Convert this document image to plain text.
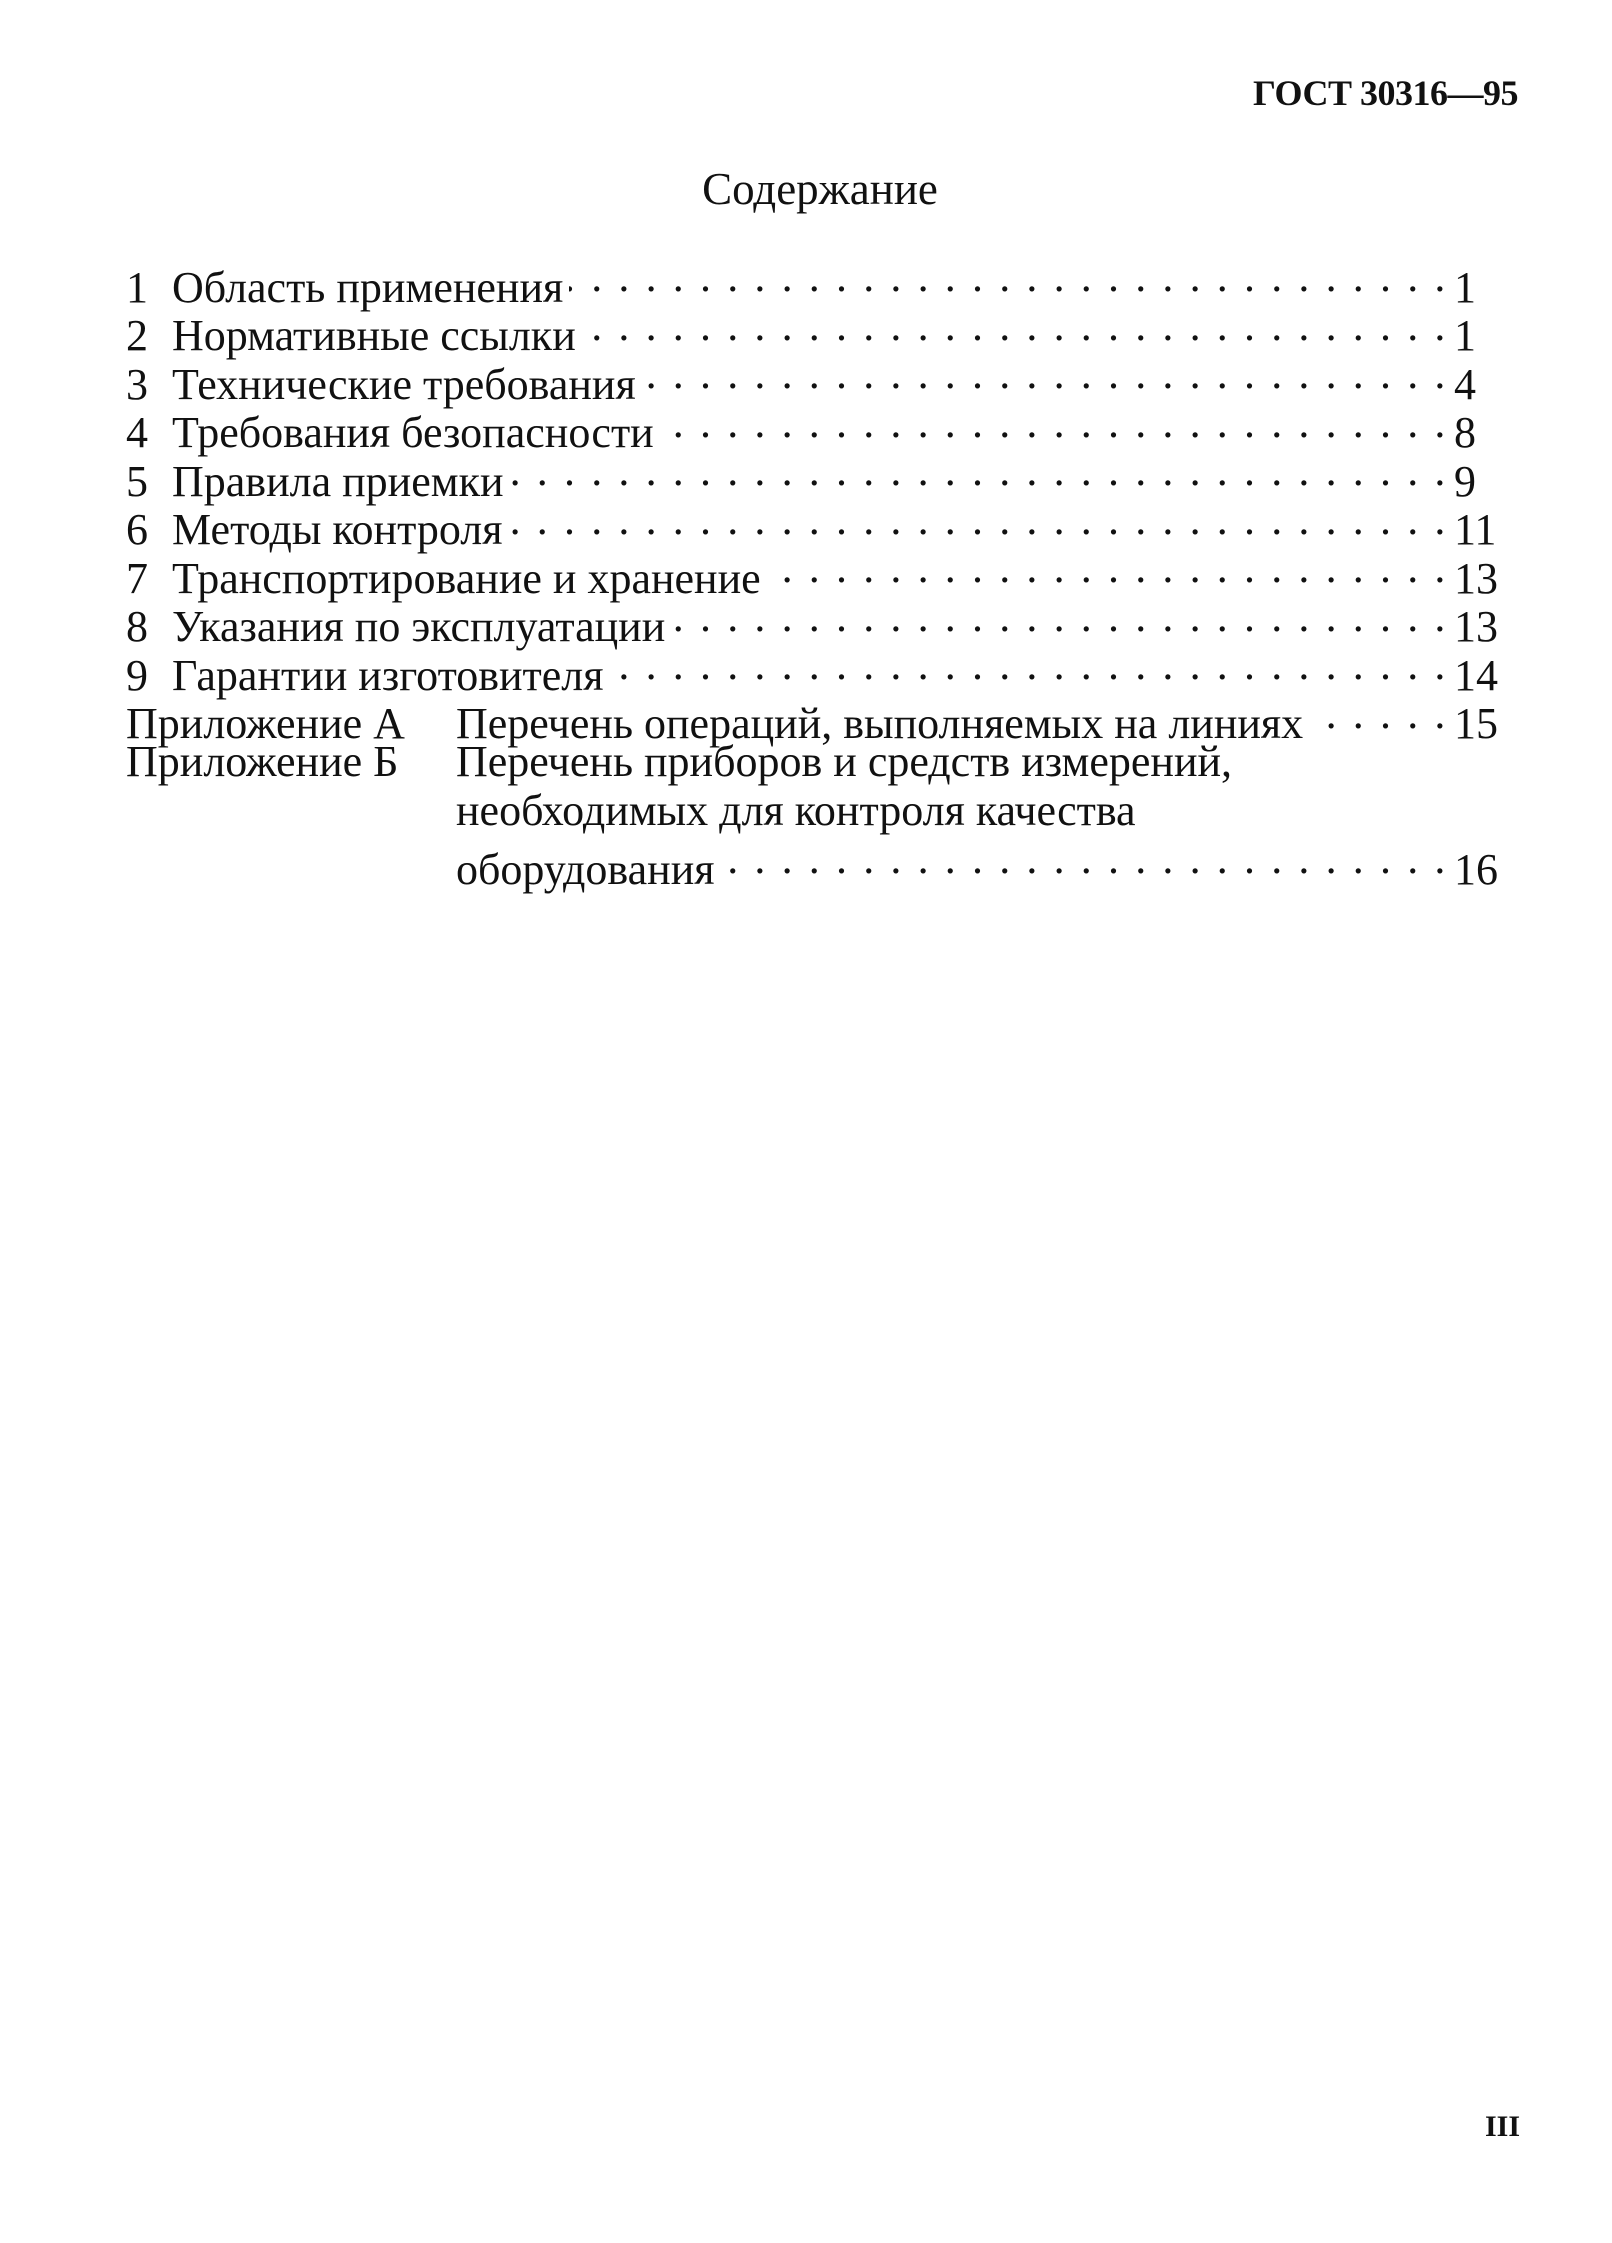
ГОСТ 30316—95
Содержание
1 Область применения . . .	1
2 Нормативные ссылки . . .	1
3 Технические требования . . .	4
4 Требования безопасности . . .	8
5 Правила приемки . . .	9
6 Методы контроля . . .	11
7 Транспортирование и хранение . . .	13
8 Указания по эксплуатации . . .	13
9 Гарантии изготовителя . . .	14
Приложение А	Перечень операций, выполняемых на линиях . . .	15
Приложение Б	Перечень приборов и средств измерений,
необходимых для контроля качества
оборудования . . .	16
III
